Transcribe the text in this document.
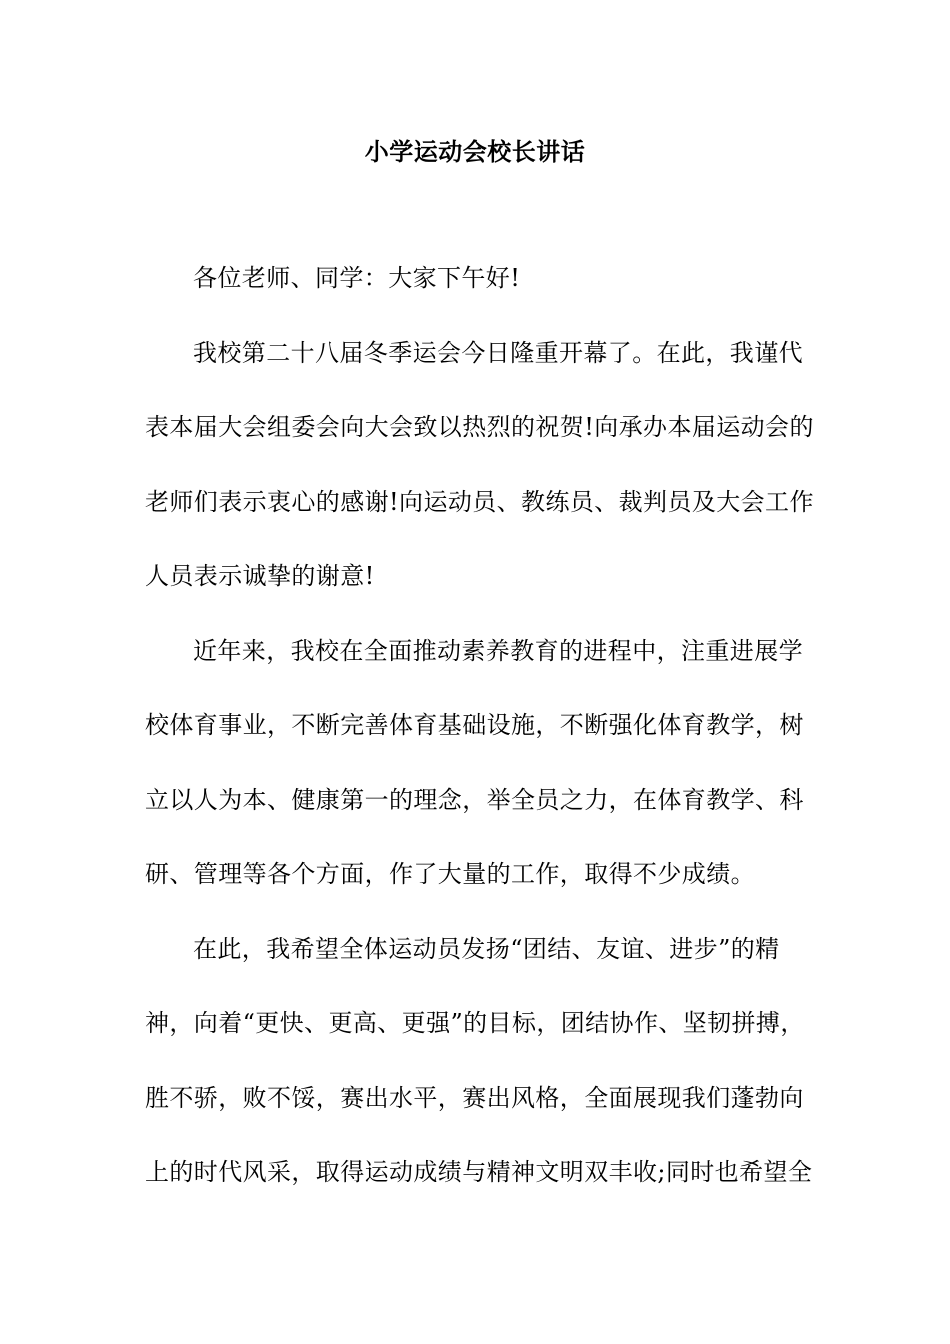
小学运动会校长讲话
各位老师、同学：大家下午好!
我校第二十八届冬季运会今日隆重开幕了。在此，我谨代
表本届大会组委会向大会致以热烈的祝贺!向承办本届运动会的
老师们表示衷心的感谢!向运动员、教练员、裁判员及大会工作
人员表示诚挚的谢意!
近年来，我校在全面推动素养教育的进程中，注重进展学
校体育事业，不断完善体育基础设施，不断强化体育教学，树
立以人为本、健康第一的理念，举全员之力，在体育教学、科
研、管理等各个方面，作了大量的工作，取得不少成绩。
在此，我希望全体运动员发扬“团结、友谊、进步”的精
神，向着“更快、更高、更强”的目标，团结协作、坚韧拼搏，
胜不骄，败不馁，赛出水平，赛出风格，全面展现我们蓬勃向
上的时代风采，取得运动成绩与精神文明双丰收;同时也希望全
